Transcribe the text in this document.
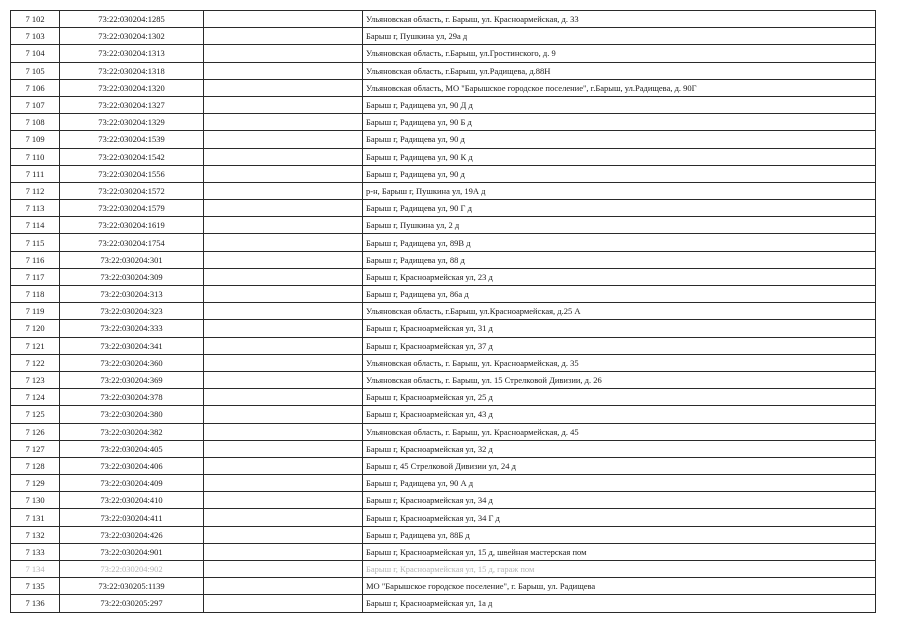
7 102	73:22:030204:1285		Ульяновская область, г. Барыш, ул. Красноармейская, д. 33
7 103	73:22:030204:1302		Барыш г, Пушкина ул, 29а д
7 104	73:22:030204:1313		Ульяновская область, г.Барыш, ул.Гростинского, д. 9
7 105	73:22:030204:1318		Ульяновская область, г.Барыш, ул.Радищева, д.88Н
7 106	73:22:030204:1320		Ульяновская область, МО "Барышское городское поселение", г.Барыш, ул.Радищева, д. 90Г
7 107	73:22:030204:1327		Барыш г, Радищева ул, 90 Д д
7 108	73:22:030204:1329		Барыш г, Радищева ул, 90 Б д
7 109	73:22:030204:1539		Барыш г, Радищева ул, 90 д
7 110	73:22:030204:1542		Барыш г, Радищева ул, 90 К д
7 111	73:22:030204:1556		Барыш г, Радищева ул, 90 д
7 112	73:22:030204:1572		р-н, Барыш г, Пушкина ул, 19А д
7 113	73:22:030204:1579		Барыш г, Радищева ул, 90 Г д
7 114	73:22:030204:1619		Барыш г, Пушкина ул, 2 д
7 115	73:22:030204:1754		Барыш г, Радищева ул, 89В д
7 116	73:22:030204:301		Барыш г, Радищева ул, 88 д
7 117	73:22:030204:309		Барыш г, Красноармейская ул, 23 д
7 118	73:22:030204:313		Барыш г, Радищева ул, 86а д
7 119	73:22:030204:323		Ульяновская область, г.Барыш, ул.Красноармейская, д.25 А
7 120	73:22:030204:333		Барыш г, Красноармейская ул, 31 д
7 121	73:22:030204:341		Барыш г, Красноармейская ул, 37 д
7 122	73:22:030204:360		Ульяновская область, г. Барыш, ул. Красноармейская, д. 35
7 123	73:22:030204:369		Ульяновская область, г. Барыш, ул. 15 Стрелковой Дивизии, д. 26
7 124	73:22:030204:378		Барыш г, Красноармейская ул, 25 д
7 125	73:22:030204:380		Барыш г, Красноармейская ул, 43 д
7 126	73:22:030204:382		Ульяновская область, г. Барыш, ул. Красноармейская, д. 45
7 127	73:22:030204:405		Барыш г, Красноармейская ул, 32 д
7 128	73:22:030204:406		Барыш г, 45 Стрелковой Дивизии ул, 24 д
7 129	73:22:030204:409		Барыш г, Радищева ул, 90 А д
7 130	73:22:030204:410		Барыш г, Красноармейская ул, 34 д
7 131	73:22:030204:411		Барыш г, Красноармейская ул, 34 Г д
7 132	73:22:030204:426		Барыш г, Радищева ул, 88Б д
7 133	73:22:030204:901		Барыш г, Красноармейская ул, 15 д, швейная мастерская пом
7 134	73:22:030204:902		Барыш г, Красноармейская ул, 15 д, гараж пом
7 135	73:22:030205:1139		МО "Барышское городское поселение", г. Барыш, ул. Радищева
7 136	73:22:030205:297		Барыш г, Красноармейская ул, 1а д
